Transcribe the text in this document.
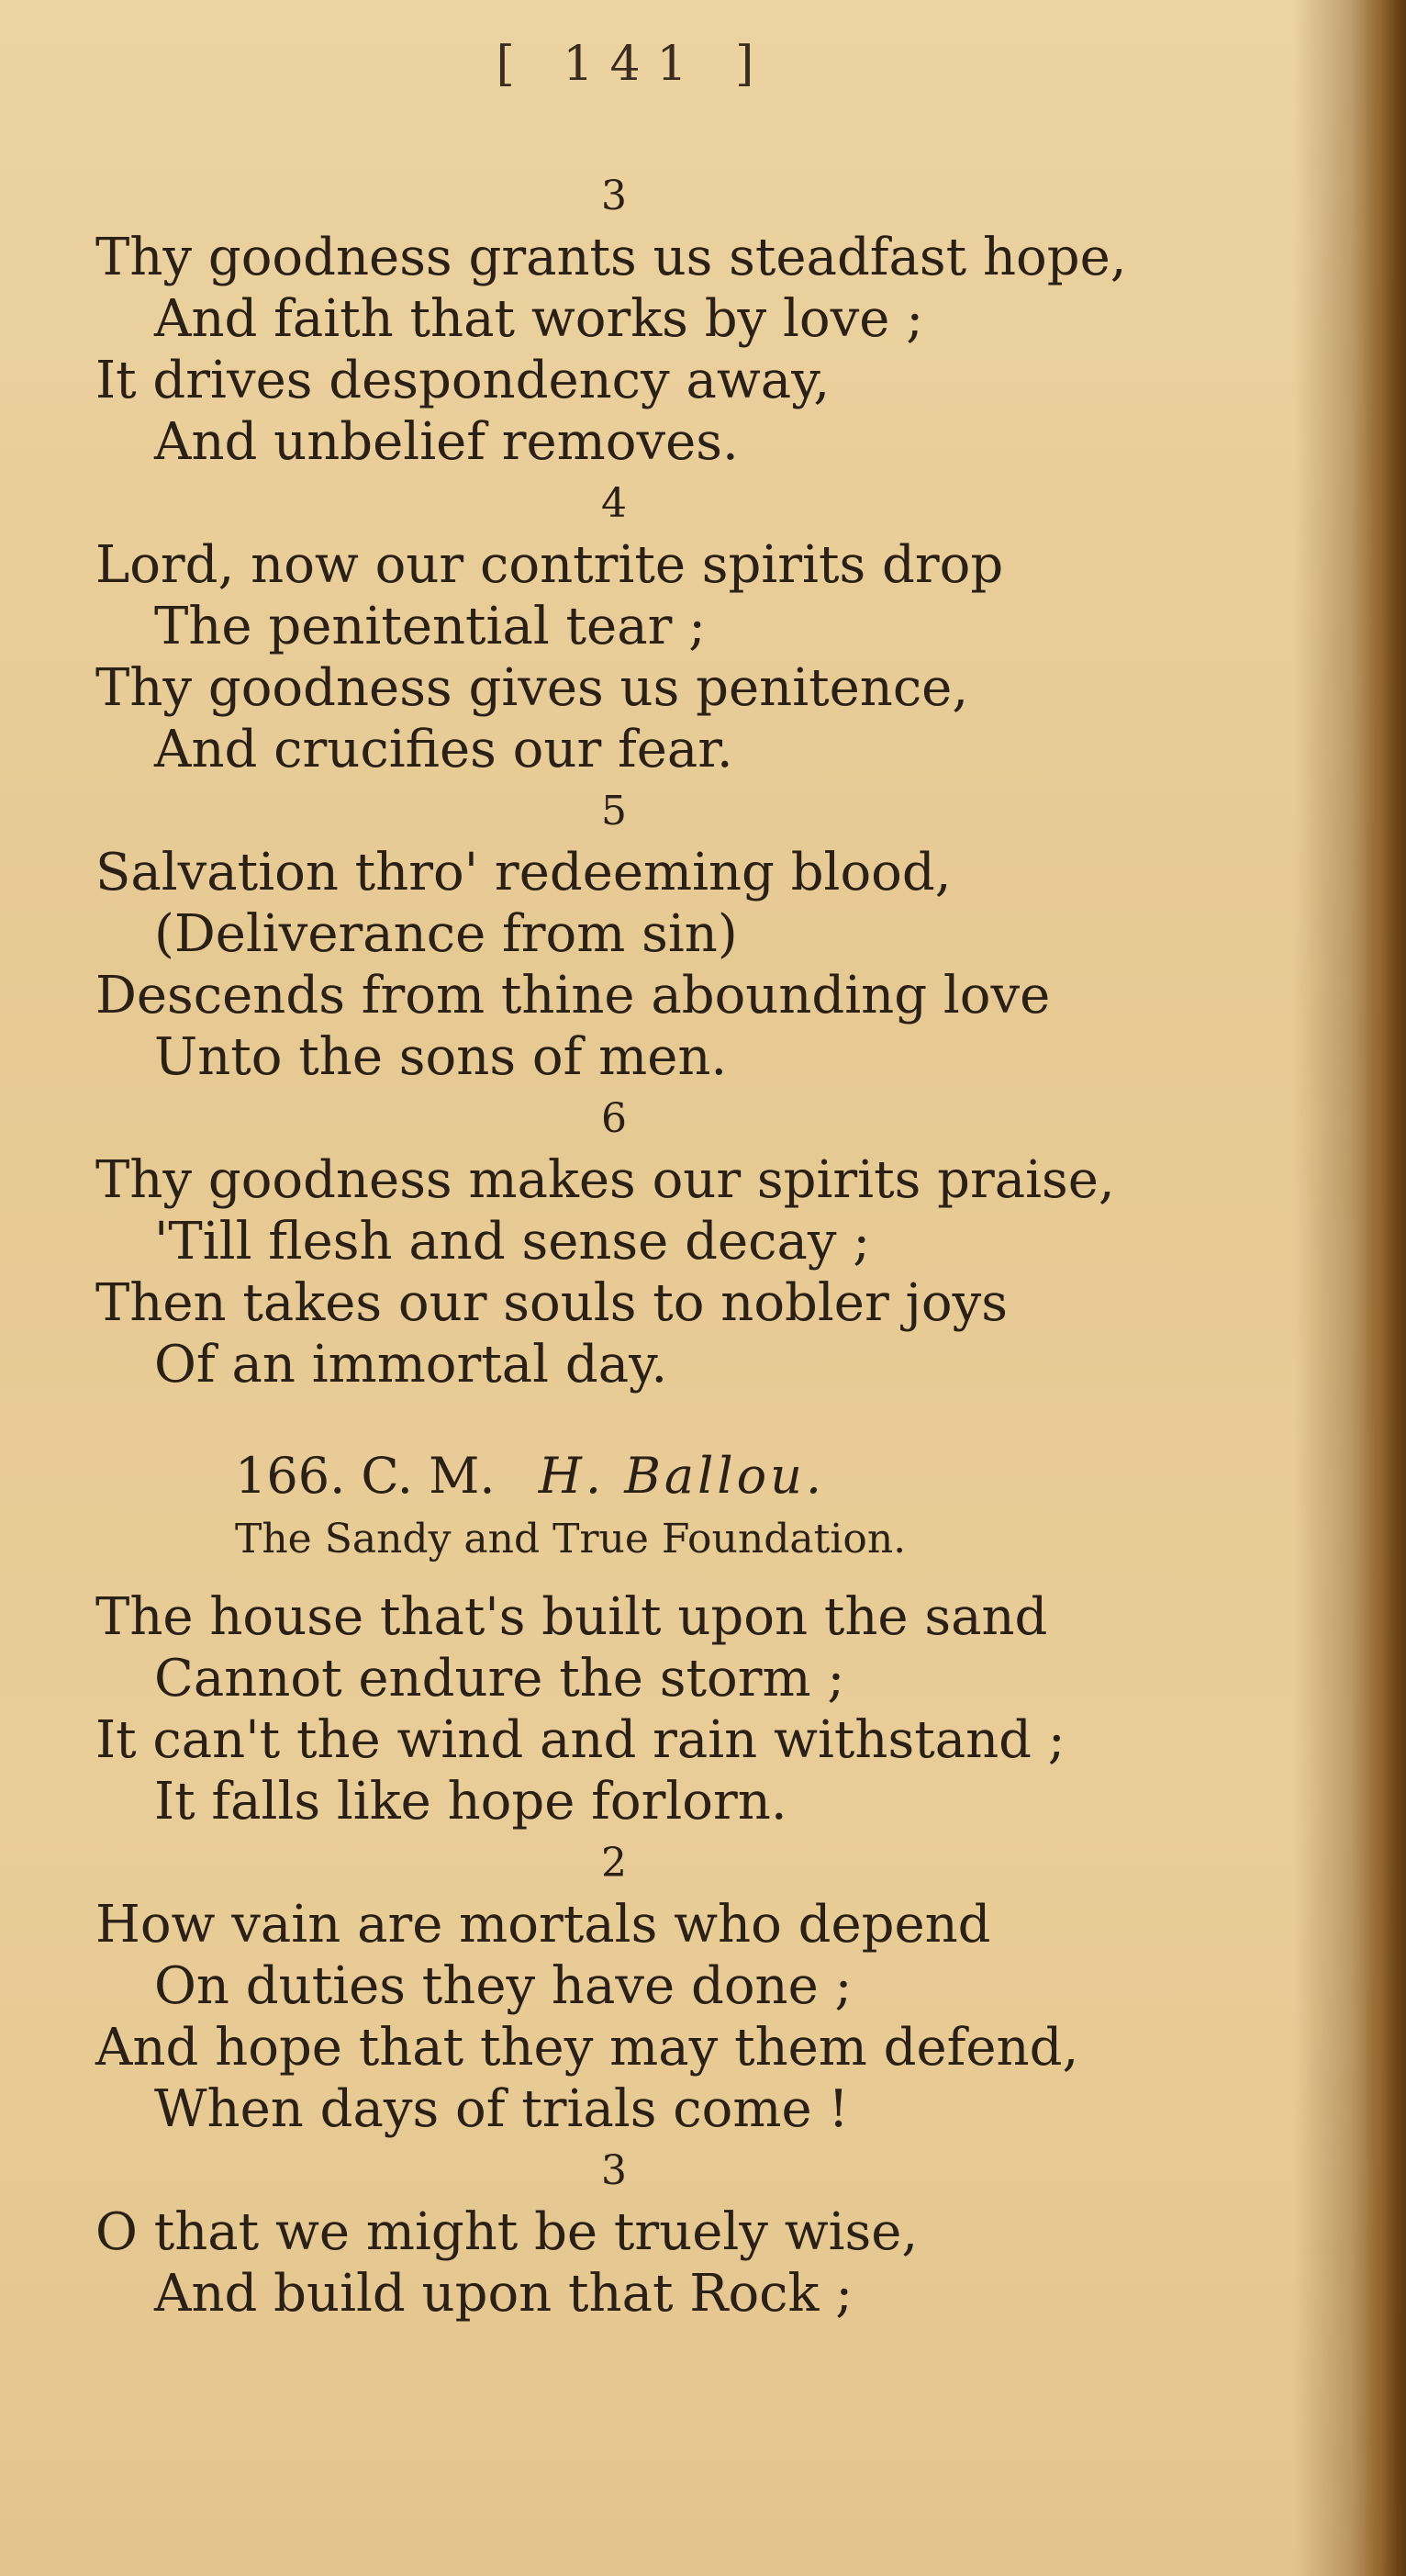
[ 141 ]
3
Thy goodness grants us steadfast hope,
And faith that works by love ;
It drives despondency away,
And unbelief removes.
4
Lord, now our contrite spirits drop
The penitential tear ;
Thy goodness gives us penitence,
And crucifies our fear.
5
Salvation thro' redeeming blood,
(Deliverance from sin)
Descends from thine abounding love
Unto the sons of men.
6
Thy goodness makes our spirits praise,
'Till flesh and sense decay ;
Then takes our souls to nobler joys
Of an immortal day.
166. C. M. H. Ballou.
The Sandy and True Foundation.
The house that's built upon the sand
Cannot endure the storm ;
It can't the wind and rain withstand ;
It falls like hope forlorn.
2
How vain are mortals who depend
On duties they have done ;
And hope that they may them defend,
When days of trials come !
3
O that we might be truely wise,
And build upon that Rock ;
